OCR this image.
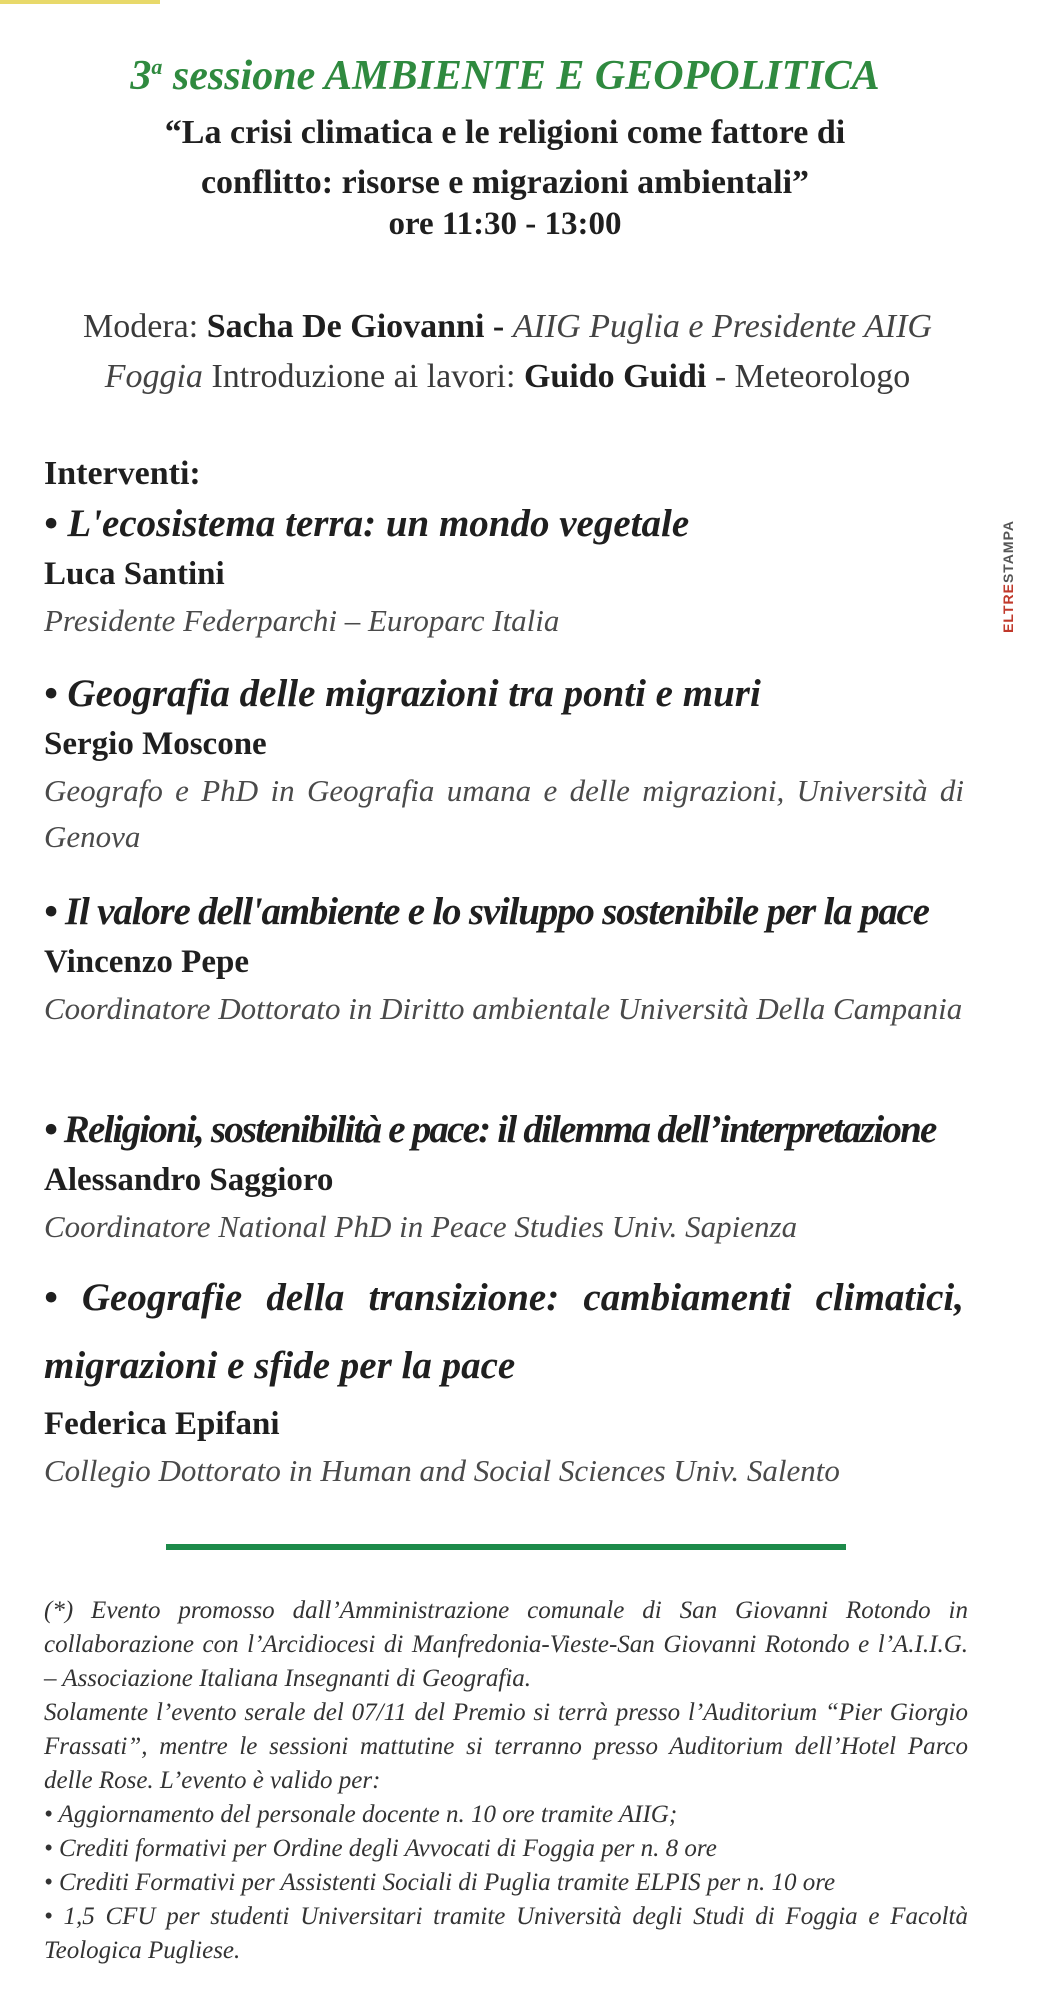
3$^a$ sessione AMBIENTE E GEOPOLITICA
“La crisi climatica e le religioni come fattore di
conflitto: risorse e migrazioni ambientali”
ore 11:30 - 13:00
Modera: Sacha De Giovanni - AIIG Puglia e Presidente AIIG Foggia Introduzione ai lavori: Guido Guidi - Meteorologo
Interventi:
• L'ecosistema terra: un mondo vegetale
Luca Santini
Presidente Federparchi – Europarc Italia
• Geografia delle migrazioni tra ponti e muri
Sergio Moscone
Geografo e PhD in Geografia umana e delle migrazioni, Università di Genova
• Il valore dell'ambiente e lo sviluppo sostenibile per la pace
Vincenzo Pepe
Coordinatore Dottorato in Diritto ambientale Università Della Campania
• Religioni, sostenibilità e pace: il dilemma dell’interpretazione
Alessandro Saggioro
Coordinatore National PhD in Peace Studies Univ. Sapienza
• Geografie della transizione: cambiamenti climatici, migrazioni e sfide per la pace
Federica Epifani
Collegio Dottorato in Human and Social Sciences Univ. Salento
(*) Evento promosso dall’Amministrazione comunale di San Giovanni Rotondo in collaborazione con l’Arcidiocesi di Manfredonia-Vieste-San Giovanni Rotondo e l’A.I.I.G. – Associazione Italiana Insegnanti di Geografia.
Solamente l’evento serale del 07/11 del Premio si terrà presso l’Auditorium “Pier Giorgio Frassati”, mentre le sessioni mattutine si terranno presso Auditorium dell’Hotel Parco delle Rose. L’evento è valido per:
• Aggiornamento del personale docente n. 10 ore tramite AIIG;
• Crediti formativi per Ordine degli Avvocati di Foggia per n. 8 ore
• Crediti Formativi per Assistenti Sociali di Puglia tramite ELPIS per n. 10 ore
• 1,5 CFU per studenti Universitari tramite Università degli Studi di Foggia e Facoltà Teologica Pugliese.
ELTRESTAMPA
